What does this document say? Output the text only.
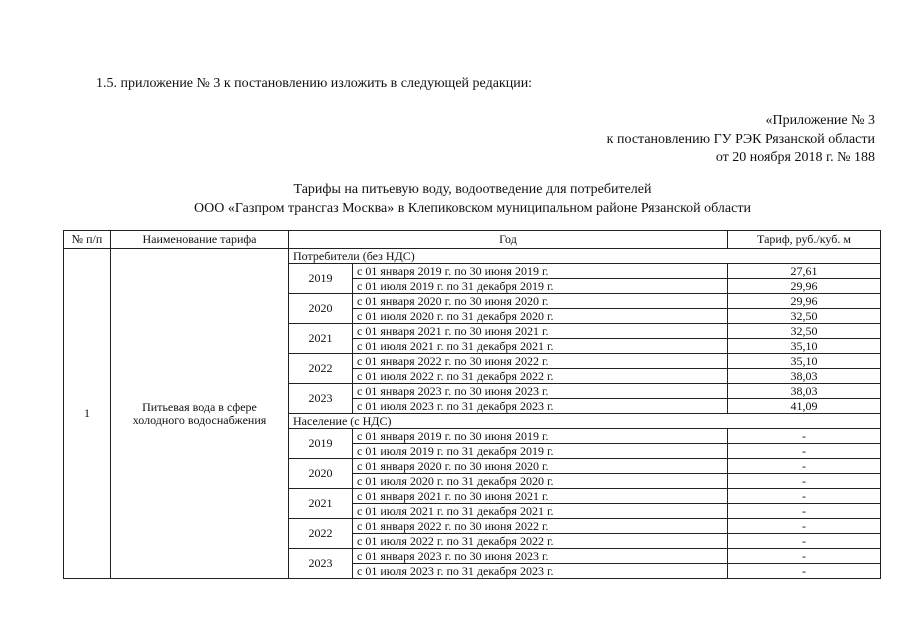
1.5. приложение № 3 к постановлению изложить в следующей редакции:
«Приложение № 3
к постановлению ГУ РЭК Рязанской области
от 20 ноября 2018 г. № 188
Тарифы на питьевую воду, водоотведение для потребителей
ООО «Газпром трансгаз Москва» в Клепиковском муниципальном районе Рязанской области
№ п/п	Наименование тарифа	Год		Тариф, руб./куб. м
1	Питьевая вода в сфере холодного водоснабжения	Потребители (без НДС)		
		2019	с 01 января 2019 г. по 30 июня 2019 г.	27,61
			с 01 июля 2019 г. по 31 декабря 2019 г.	29,96
		2020	с 01 января 2020 г. по 30 июня 2020 г.	29,96
			с 01 июля 2020 г. по 31 декабря 2020 г.	32,50
		2021	с 01 января 2021 г. по 30 июня 2021 г.	32,50
			с 01 июля 2021 г. по 31 декабря 2021 г.	35,10
		2022	с 01 января 2022 г. по 30 июня 2022 г.	35,10
			с 01 июля 2022 г. по 31 декабря 2022 г.	38,03
		2023	с 01 января 2023 г. по 30 июня 2023 г.	38,03
			с 01 июля 2023 г. по 31 декабря 2023 г.	41,09
		Население (с НДС)		
		2019	с 01 января 2019 г. по 30 июня 2019 г.	-
			с 01 июля 2019 г. по 31 декабря 2019 г.	-
		2020	с 01 января 2020 г. по 30 июня 2020 г.	-
			с 01 июля 2020 г. по 31 декабря 2020 г.	-
		2021	с 01 января 2021 г. по 30 июня 2021 г.	-
			с 01 июля 2021 г. по 31 декабря 2021 г.	-
		2022	с 01 января 2022 г. по 30 июня 2022 г.	-
			с 01 июля 2022 г. по 31 декабря 2022 г.	-
		2023	с 01 января 2023 г. по 30 июня 2023 г.	-
			с 01 июля 2023 г. по 31 декабря 2023 г.	-
